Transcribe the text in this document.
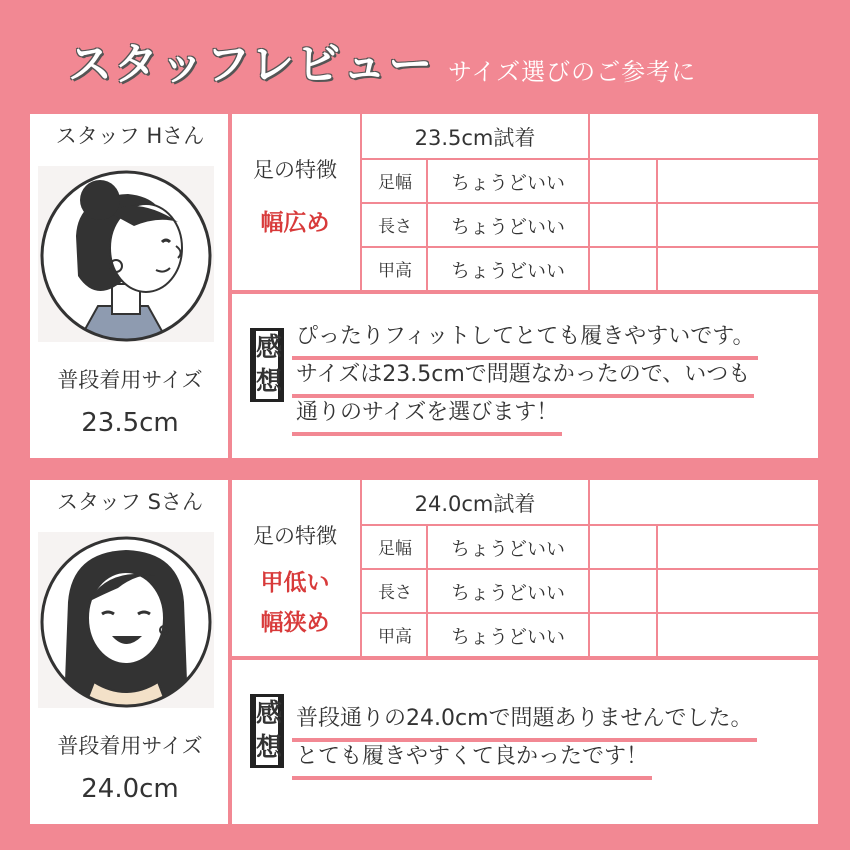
スタッフレビュー サイズ選びのご参考に
スタッフ Hさん
普段着用サイズ
23.5cm
足の特徴
幅広め
23.5cm試着
足幅	ちょうどいい
長さ	ちょうどいい
甲高	ちょうどいい
感
想
ぴったりフィットしてとても履きやすいです。
サイズは23.5cmで問題なかったので、いつも
通りのサイズを選びます！
スタッフ Sさん
普段着用サイズ
24.0cm
足の特徴
甲低い
幅狭め
24.0cm試着
足幅	ちょうどいい
長さ	ちょうどいい
甲高	ちょうどいい
感
想
普段通りの24.0cmで問題ありませんでした。
とても履きやすくて良かったです！
